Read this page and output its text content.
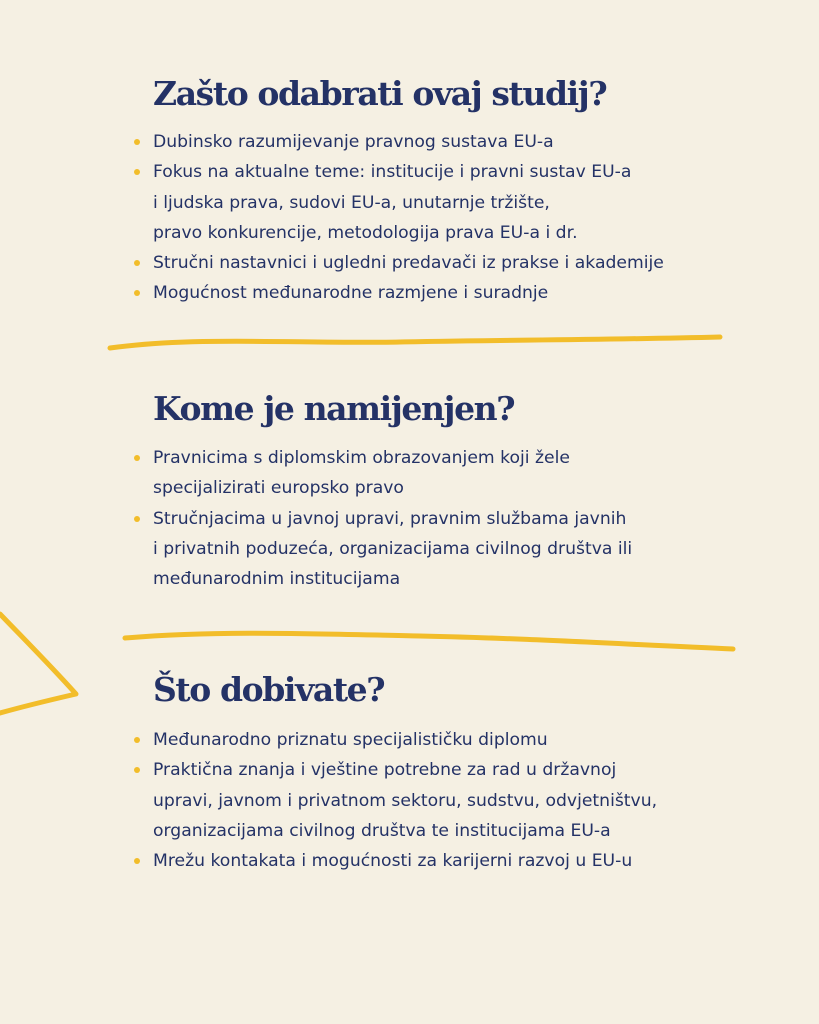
Zašto odabrati ovaj studij?
Dubinsko razumijevanje pravnog sustava EU-a
Fokus na aktualne teme: institucije i pravni sustav EU-a
i ljudska prava, sudovi EU-a, unutarnje tržište,
pravo konkurencije, metodologija prava EU-a i dr.
Stručni nastavnici i ugledni predavači iz prakse i akademije
Mogućnost međunarodne razmjene i suradnje
Kome je namijenjen?
Pravnicima s diplomskim obrazovanjem koji žele
specijalizirati europsko pravo
Stručnjacima u javnoj upravi, pravnim službama javnih
i privatnih poduzeća, organizacijama civilnog društva ili
međunarodnim institucijama
Što dobivate?
Međunarodno priznatu specijalističku diplomu
Praktična znanja i vještine potrebne za rad u državnoj
upravi, javnom i privatnom sektoru, sudstvu, odvjetništvu,
organizacijama civilnog društva te institucijama EU-a
Mrežu kontakata i mogućnosti za karijerni razvoj u EU-u
